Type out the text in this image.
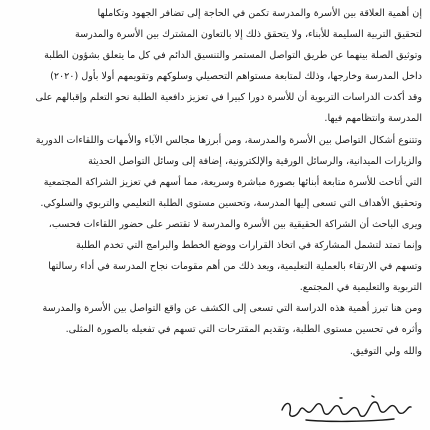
إن أهمية العلاقة بين الأسرة والمدرسة تكمن في الحاجة إلى تضافر الجهود وتكاملها
لتحقيق التربية السليمة للأبناء، ولا يتحقق ذلك إلا بالتعاون المشترك بين الأسرة والمدرسة
وتوثيق الصلة بينهما عن طريق التواصل المستمر والتنسيق الدائم في كل ما يتعلق بشؤون الطلبة
داخل المدرسة وخارجها، وذلك لمتابعة مستواهم التحصيلي وسلوكهم وتقويمهم أولا بأول (٢٠٢٠)
وقد أكدت الدراسات التربوية أن للأسرة دورا كبيرا في تعزيز دافعية الطلبة نحو التعلم وإقبالهم على
المدرسة وانتظامهم فيها.
وتتنوع أشكال التواصل بين الأسرة والمدرسة، ومن أبرزها مجالس الآباء والأمهات واللقاءات الدورية
والزيارات الميدانية، والرسائل الورقية والإلكترونية، إضافة إلى وسائل التواصل الحديثة
التي أتاحت للأسرة متابعة أبنائها بصورة مباشرة وسريعة، مما أسهم في تعزيز الشراكة المجتمعية
وتحقيق الأهداف التي تسعى إليها المدرسة، وتحسين مستوى الطلبة التعليمي والتربوي والسلوكي.
ويرى الباحث أن الشراكة الحقيقية بين الأسرة والمدرسة لا تقتصر على حضور اللقاءات فحسب،
وإنما تمتد لتشمل المشاركة في اتخاذ القرارات ووضع الخطط والبرامج التي تخدم الطلبة
وتسهم في الارتقاء بالعملية التعليمية، ويعد ذلك من أهم مقومات نجاح المدرسة في أداء رسالتها
التربوية والتعليمية في المجتمع.
ومن هنا تبرز أهمية هذه الدراسة التي تسعى إلى الكشف عن واقع التواصل بين الأسرة والمدرسة
وأثره في تحسين مستوى الطلبة، وتقديم المقترحات التي تسهم في تفعيله بالصورة المثلى.
والله ولي التوفيق.
